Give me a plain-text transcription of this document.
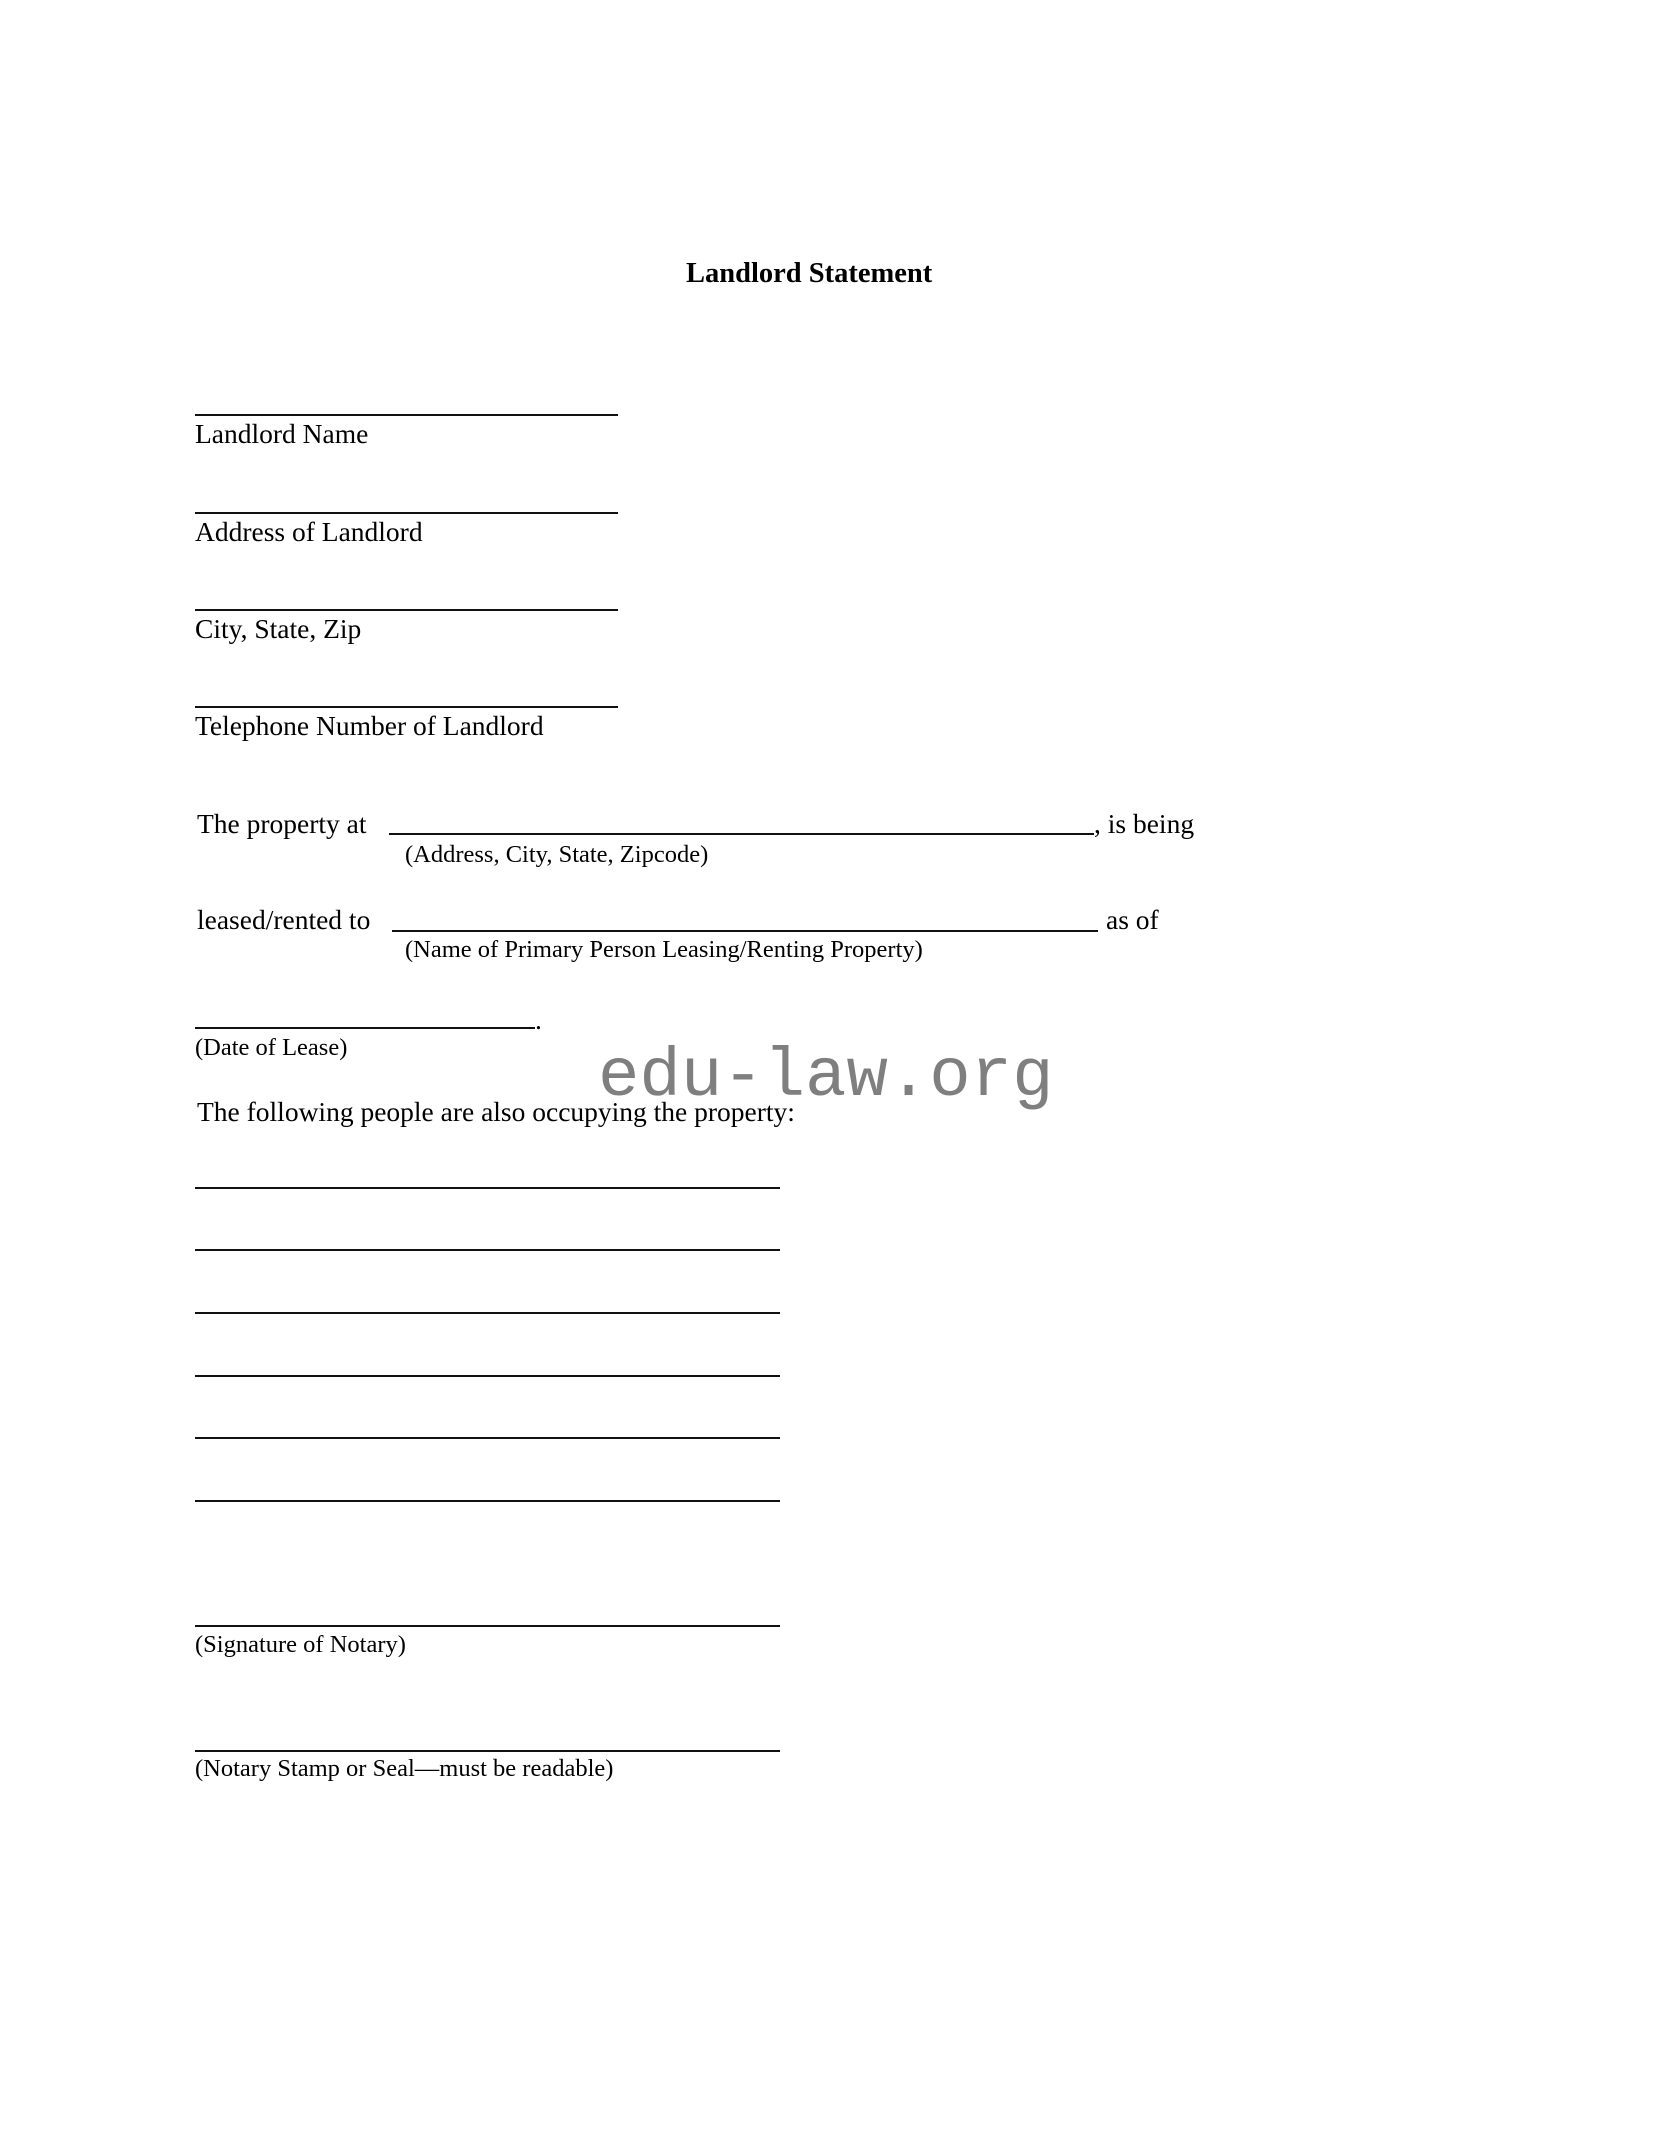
Landlord Statement
Landlord Name
Address of Landlord
City, State, Zip
Telephone Number of Landlord
The property at	, is being
(Address, City, State, Zipcode)
leased/rented to	as of
(Name of Primary Person Leasing/Renting Property)
.
(Date of Lease)	edu-law.org
The following people are also occupying the property:
(Signature of Notary)
(Notary Stamp or Seal—must be readable)
